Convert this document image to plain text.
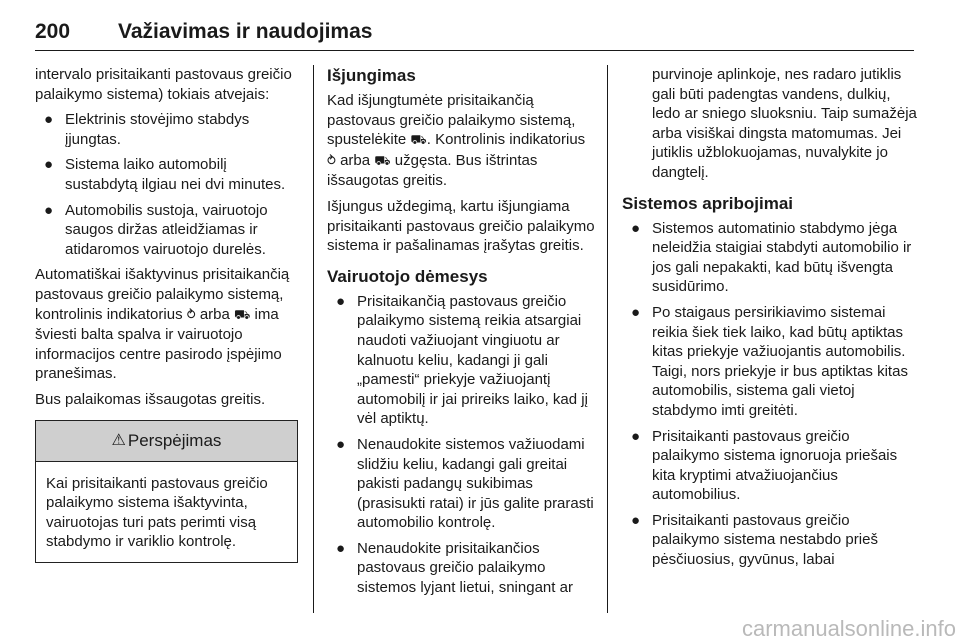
200 Važiavimas ir naudojimas

intervalo prisitaikanti pastovaus greičio palaikymo sistema) tokiais atvejais:

● Elektrinis stovėjimo stabdys įjungtas.
● Sistema laiko automobilį sustabdytą ilgiau nei dvi minutes.
● Automobilis sustoja, vairuotojo saugos diržas atleidžiamas ir atidaromos vairuotojo durelės.

Automatiškai išaktyvinus prisitaikančią pastovaus greičio palaikymo sistemą, kontrolinis indikatorius ⥁ arba ⛟ ima šviesti balta spalva ir vairuotojo informacijos centre pasirodo įspėjimo pranešimas.

Bus palaikomas išsaugotas greitis.

⚠ Perspėjimas
Kai prisitaikanti pastovaus greičio palaikymo sistema išaktyvinta, vairuotojas turi pats perimti visą stabdymo ir variklio kontrolę.
Išjungimas

Kad išjungtumėte prisitaikančią pastovaus greičio palaikymo sistemą, spustelėkite ⛟. Kontrolinis indikatorius ⥁ arba ⛟ užgęsta. Bus ištrintas išsaugotas greitis.

Išjungus uždegimą, kartu išjungiama prisitaikanti pastovaus greičio palaikymo sistema ir pašalinamas įrašytas greitis.

Vairuotojo dėmesys
● Prisitaikančią pastovaus greičio palaikymo sistemą reikia atsargiai naudoti važiuojant vingiuotu ar kalnuotu keliu, kadangi ji gali „pamesti“ priekyje važiuojantį automobilį ir jai prireiks laiko, kad jį vėl aptiktų.
● Nenaudokite sistemos važiuodami slidžiu keliu, kadangi gali greitai pakisti padangų sukibimas (prasisukti ratai) ir jūs galite prarasti automobilio kontrolę.
● Nenaudokite prisitaikančios pastovaus greičio palaikymo sistemos lyjant lietui, sningant ar

purvinoje aplinkoje, nes radaro jutiklis gali būti padengtas vandens, dulkių, ledo ar sniego sluoksniu. Taip sumažėja arba visiškai dingsta matomumas. Jei jutiklis užblokuojamas, nuvalykite jo dangtelį.

Sistemos apribojimai
● Sistemos automatinio stabdymo jėga neleidžia staigiai stabdyti automobilio ir jos gali nepakakti, kad būtų išvengta susidūrimo.
● Po staigaus persirikiavimo sistemai reikia šiek tiek laiko, kad būtų aptiktas kitas priekyje važiuojantis automobilis. Taigi, nors priekyje ir bus aptiktas kitas automobilis, sistema gali vietoj stabdymo imti greitėti.
● Prisitaikanti pastovaus greičio palaikymo sistema ignoruoja priešais kita kryptimi atvažiuojančius automobilius.
● Prisitaikanti pastovaus greičio palaikymo sistema nestabdo prieš pėsčiuosius, gyvūnus, labai
carmanualsonline.info
